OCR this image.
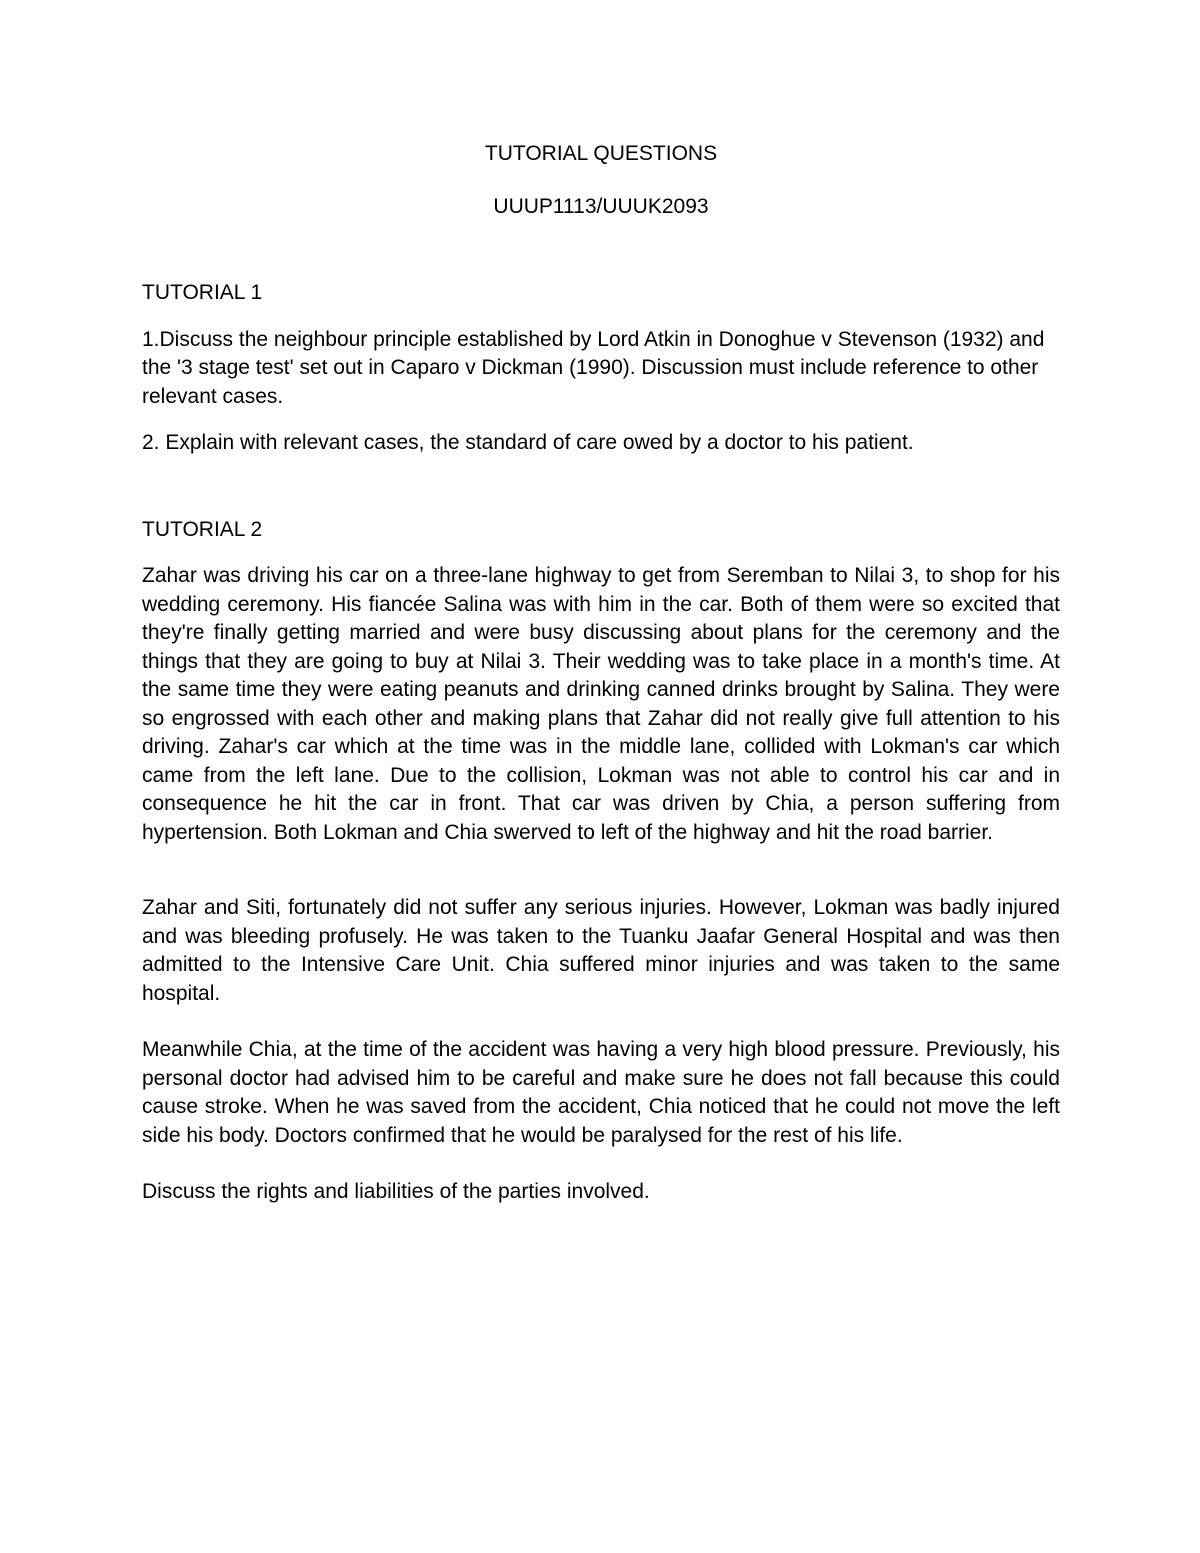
TUTORIAL QUESTIONS
UUUP1113/UUUK2093
TUTORIAL 1

1.Discuss the neighbour principle established by Lord Atkin in Donoghue v Stevenson (1932) and the '3 stage test' set out in Caparo v Dickman (1990). Discussion must include reference to other relevant cases.

2. Explain with relevant cases, the standard of care owed by a doctor to his patient.

TUTORIAL 2

Zahar was driving his car on a three-lane highway to get from Seremban to Nilai 3, to shop for his wedding ceremony. His fiancée Salina was with him in the car. Both of them were so excited that they're finally getting married and were busy discussing about plans for the ceremony and the things that they are going to buy at Nilai 3. Their wedding was to take place in a month's time. At the same time they were eating peanuts and drinking canned drinks brought by Salina. They were so engrossed with each other and making plans that Zahar did not really give full attention to his driving. Zahar's car which at the time was in the middle lane, collided with Lokman's car which came from the left lane. Due to the collision, Lokman was not able to control his car and in consequence he hit the car in front. That car was driven by Chia, a person suffering from hypertension. Both Lokman and Chia swerved to left of the highway and hit the road barrier.

Zahar and Siti, fortunately did not suffer any serious injuries. However, Lokman was badly injured and was bleeding profusely. He was taken to the Tuanku Jaafar General Hospital and was then admitted to the Intensive Care Unit. Chia suffered minor injuries and was taken to the same hospital.

Meanwhile Chia, at the time of the accident was having a very high blood pressure. Previously, his personal doctor had advised him to be careful and make sure he does not fall because this could cause stroke. When he was saved from the accident, Chia noticed that he could not move the left side his body. Doctors confirmed that he would be paralysed for the rest of his life.

Discuss the rights and liabilities of the parties involved.
